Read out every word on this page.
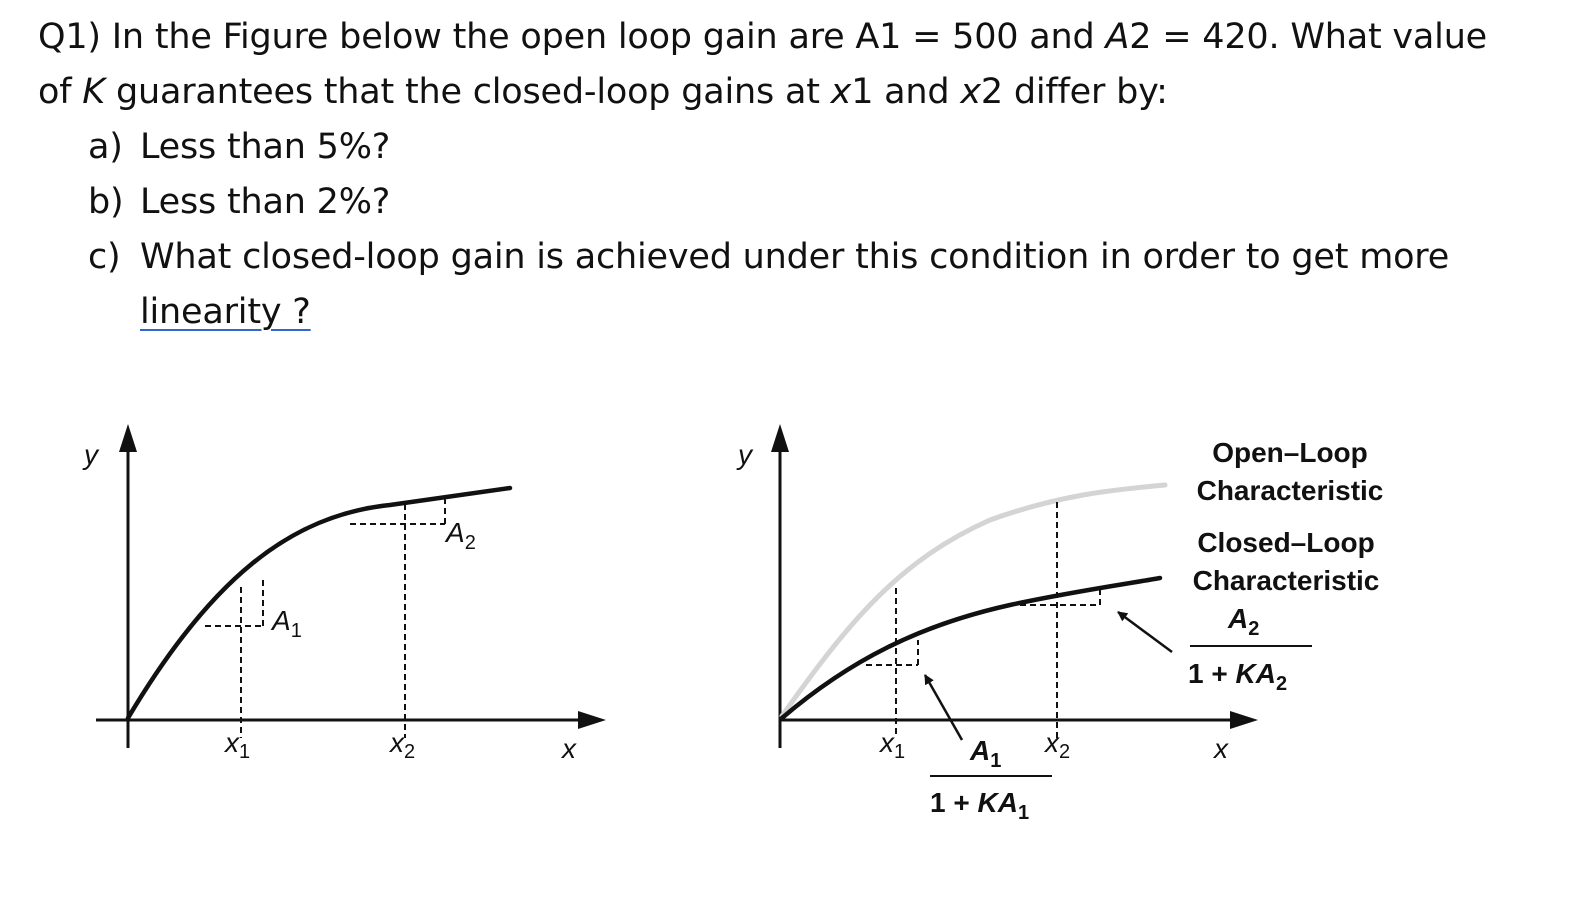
Q1) In the Figure below the open loop gain are A1 = 500 and A2 = 420. What value
of K guarantees that the closed-loop gains at x1 and x2 differ by:
a) Less than 5%?
b) Less than 2%?
c) What closed-loop gain is achieved under this condition in order to get more
linearity ?
y
x
$x_1$	$x_2$
$A_1$
$A_2$
y
x
$x_1$	$x_2$
$A_1$
$1 + KA_1$
Open–Loop
Characteristic
Closed–Loop
Characteristic
$A_2$
$1 + KA_2$
